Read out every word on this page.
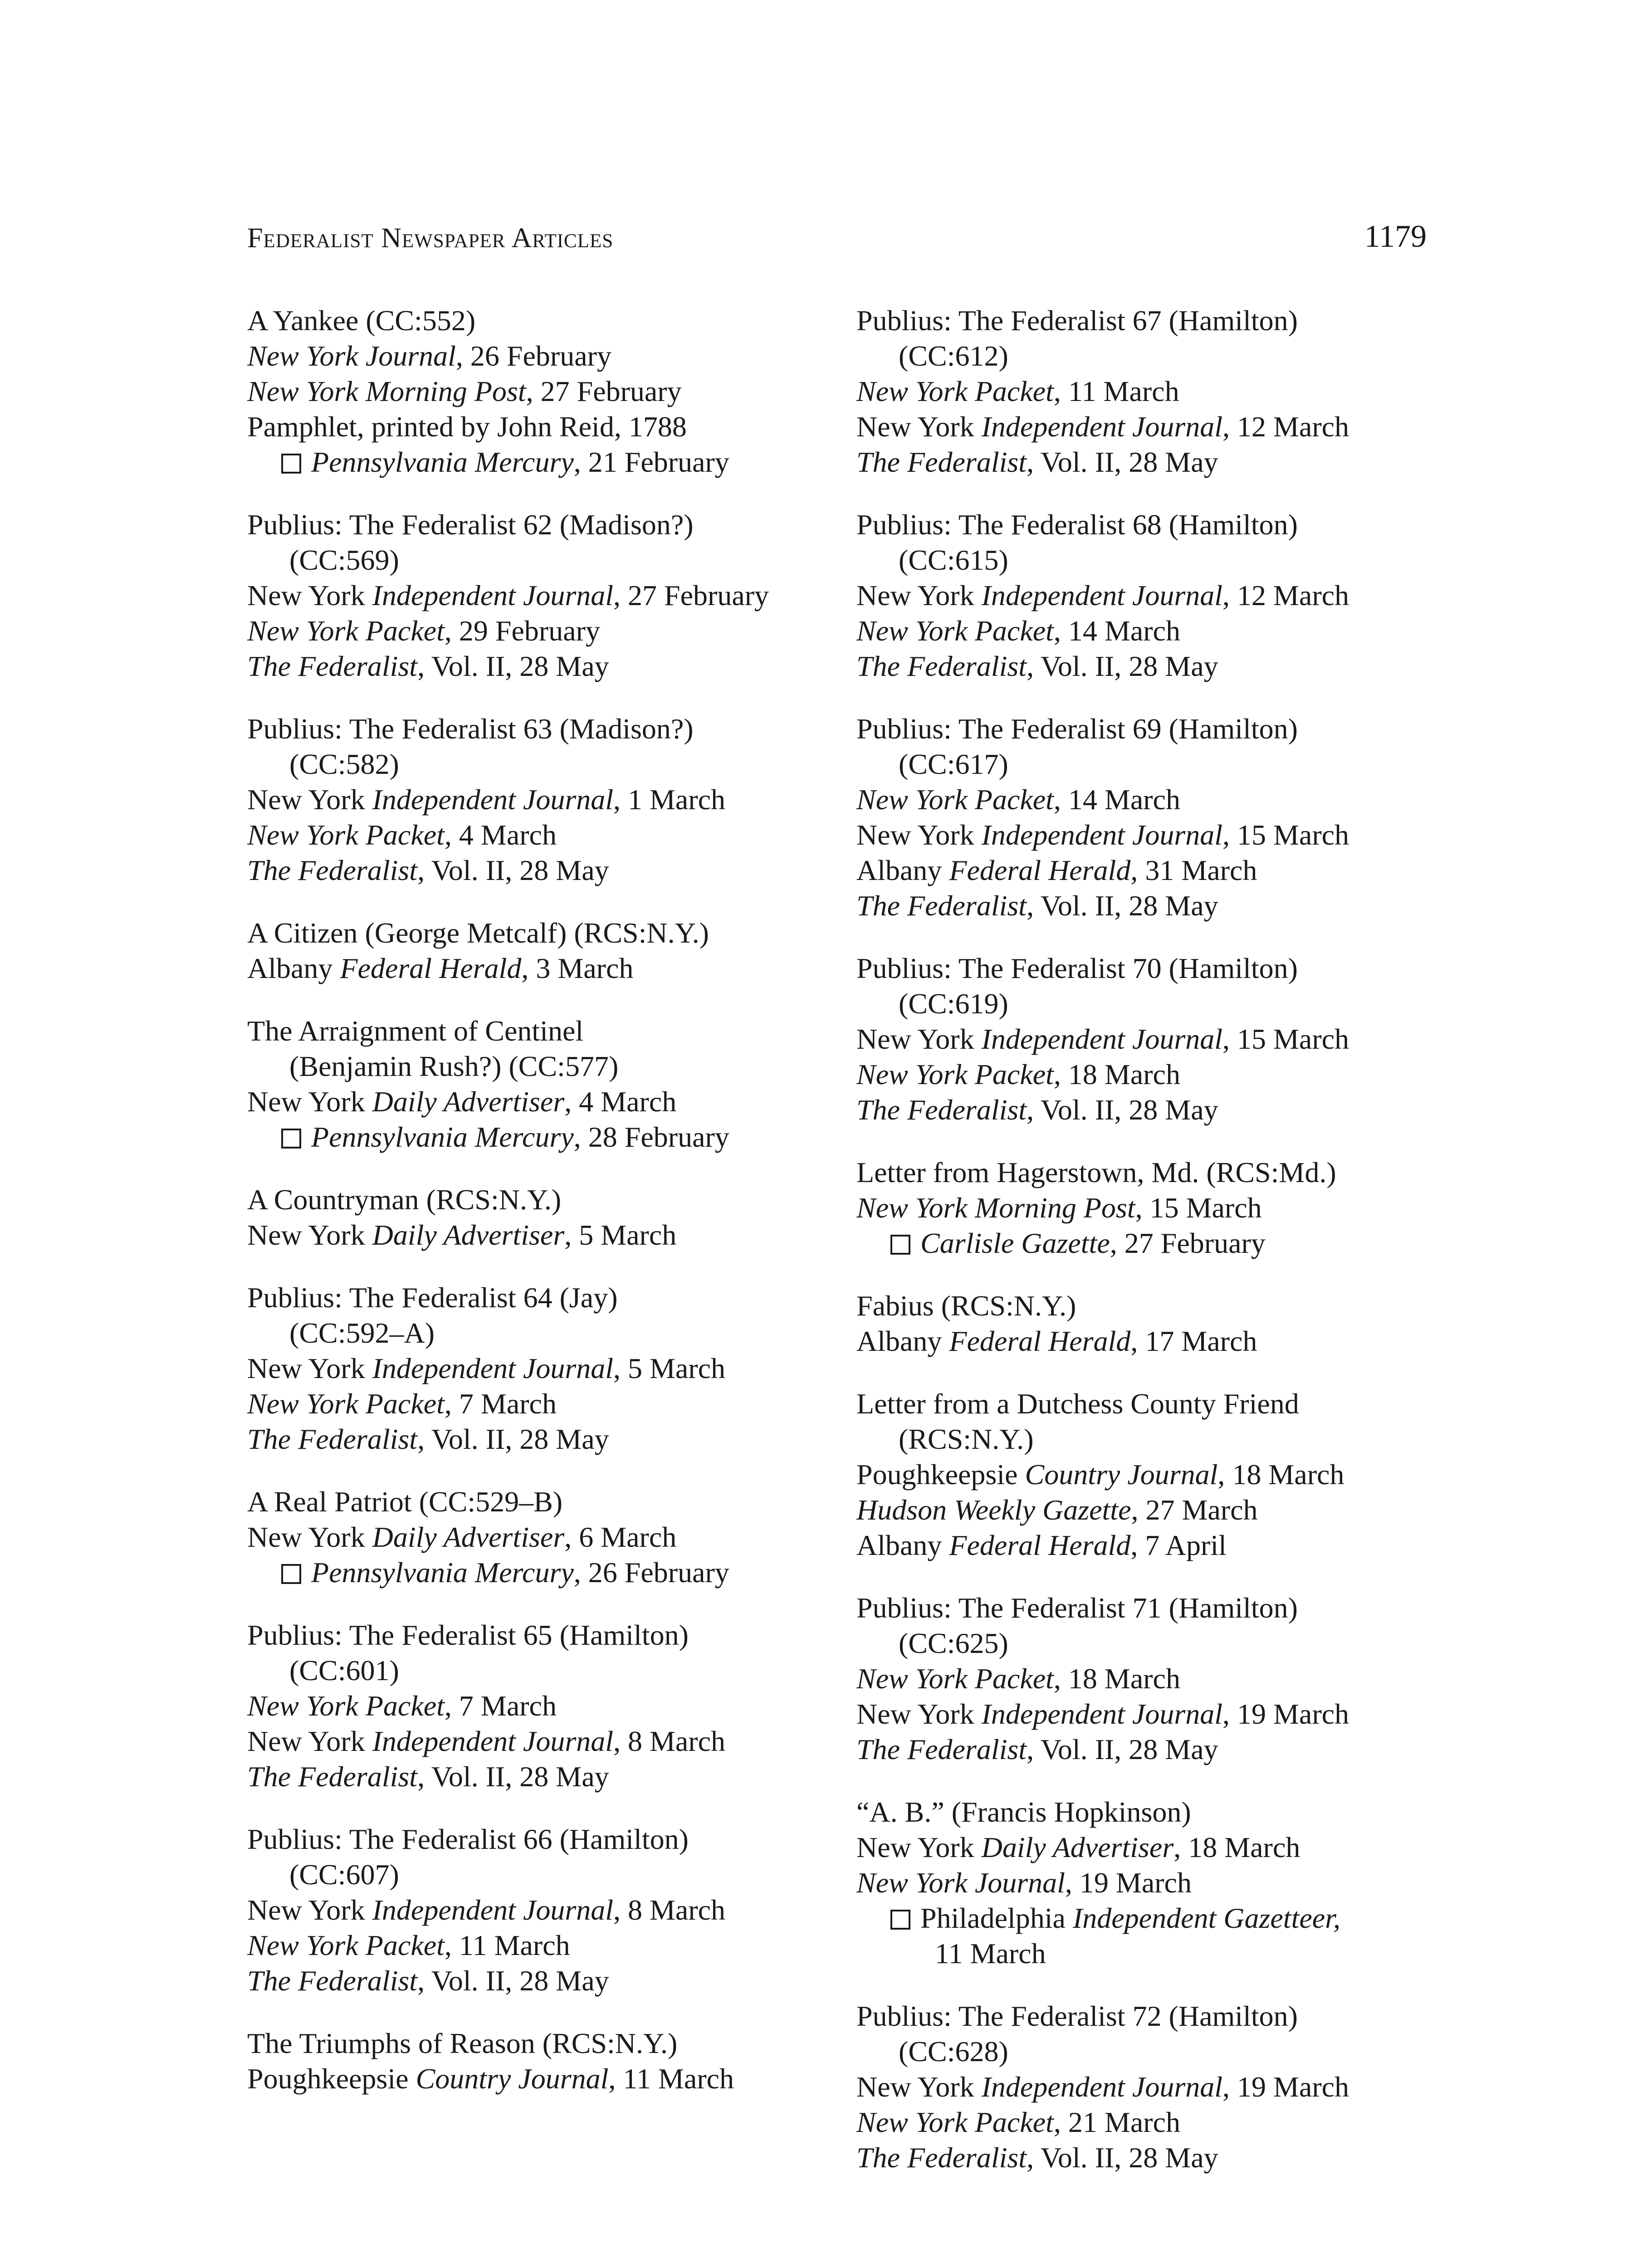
Federalist Newspaper Articles	1179
A Yankee (CC:552)
New York Journal, 26 February
New York Morning Post, 27 February
Pamphlet, printed by John Reid, 1788
Pennsylvania Mercury, 21 February
Publius: The Federalist 62 (Madison?)
(CC:569)
New York Independent Journal, 27 February
New York Packet, 29 February
The Federalist, Vol. II, 28 May
Publius: The Federalist 63 (Madison?)
(CC:582)
New York Independent Journal, 1 March
New York Packet, 4 March
The Federalist, Vol. II, 28 May
A Citizen (George Metcalf) (RCS:N.Y.)
Albany Federal Herald, 3 March
The Arraignment of Centinel
(Benjamin Rush?) (CC:577)
New York Daily Advertiser, 4 March
Pennsylvania Mercury, 28 February
A Countryman (RCS:N.Y.)
New York Daily Advertiser, 5 March
Publius: The Federalist 64 (Jay)
(CC:592–A)
New York Independent Journal, 5 March
New York Packet, 7 March
The Federalist, Vol. II, 28 May
A Real Patriot (CC:529–B)
New York Daily Advertiser, 6 March
Pennsylvania Mercury, 26 February
Publius: The Federalist 65 (Hamilton)
(CC:601)
New York Packet, 7 March
New York Independent Journal, 8 March
The Federalist, Vol. II, 28 May
Publius: The Federalist 66 (Hamilton)
(CC:607)
New York Independent Journal, 8 March
New York Packet, 11 March
The Federalist, Vol. II, 28 May
The Triumphs of Reason (RCS:N.Y.)
Poughkeepsie Country Journal, 11 March
Publius: The Federalist 67 (Hamilton)
(CC:612)
New York Packet, 11 March
New York Independent Journal, 12 March
The Federalist, Vol. II, 28 May
Publius: The Federalist 68 (Hamilton)
(CC:615)
New York Independent Journal, 12 March
New York Packet, 14 March
The Federalist, Vol. II, 28 May
Publius: The Federalist 69 (Hamilton)
(CC:617)
New York Packet, 14 March
New York Independent Journal, 15 March
Albany Federal Herald, 31 March
The Federalist, Vol. II, 28 May
Publius: The Federalist 70 (Hamilton)
(CC:619)
New York Independent Journal, 15 March
New York Packet, 18 March
The Federalist, Vol. II, 28 May
Letter from Hagerstown, Md. (RCS:Md.)
New York Morning Post, 15 March
Carlisle Gazette, 27 February
Fabius (RCS:N.Y.)
Albany Federal Herald, 17 March
Letter from a Dutchess County Friend
(RCS:N.Y.)
Poughkeepsie Country Journal, 18 March
Hudson Weekly Gazette, 27 March
Albany Federal Herald, 7 April
Publius: The Federalist 71 (Hamilton)
(CC:625)
New York Packet, 18 March
New York Independent Journal, 19 March
The Federalist, Vol. II, 28 May
“A. B.” (Francis Hopkinson)
New York Daily Advertiser, 18 March
New York Journal, 19 March
Philadelphia Independent Gazetteer,
11 March
Publius: The Federalist 72 (Hamilton)
(CC:628)
New York Independent Journal, 19 March
New York Packet, 21 March
The Federalist, Vol. II, 28 May
